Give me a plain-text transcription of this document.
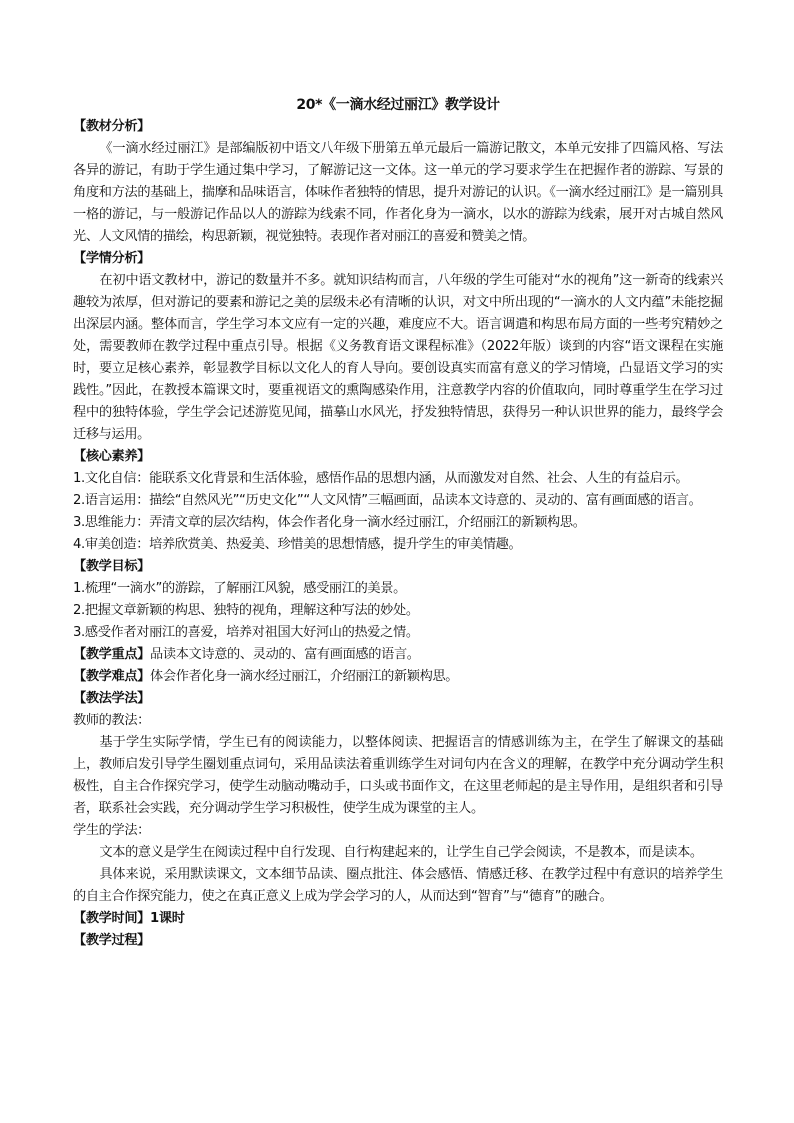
20*《一滴水经过丽江》教学设计
【教材分析】

《一滴水经过丽江》是部编版初中语文八年级下册第五单元最后一篇游记散文，本单元安排了四篇风格、写法各异的游记，有助于学生通过集中学习，了解游记这一文体。这一单元的学习要求学生在把握作者的游踪、写景的角度和方法的基础上，揣摩和品味语言，体味作者独特的情思，提升对游记的认识。《一滴水经过丽江》是一篇别具一格的游记，与一般游记作品以人的游踪为线索不同，作者化身为一滴水，以水的游踪为线索，展开对古城自然风光、人文风情的描绘，构思新颖，视觉独特。表现作者对丽江的喜爱和赞美之情。

【学情分析】

在初中语文教材中，游记的数量并不多。就知识结构而言，八年级的学生可能对“水的视角”这一新奇的线索兴趣较为浓厚，但对游记的要素和游记之美的层级未必有清晰的认识，对文中所出现的“一滴水的人文内蕴”未能挖掘出深层内涵。整体而言，学生学习本文应有一定的兴趣，难度应不大。语言调遣和构思布局方面的一些考究精妙之处，需要教师在教学过程中重点引导。根据《义务教育语文课程标准》（2022年版）谈到的内容“语文课程在实施时，要立足核心素养，彰显教学目标以文化人的育人导向。要创设真实而富有意义的学习情境，凸显语文学习的实践性。”因此，在教授本篇课文时，要重视语文的熏陶感染作用，注意教学内容的价值取向，同时尊重学生在学习过程中的独特体验，学生学会记述游览见闻，描摹山水风光，抒发独特情思，获得另一种认识世界的能力，最终学会迁移与运用。

【核心素养】

1.文化自信：能联系文化背景和生活体验，感悟作品的思想内涵，从而激发对自然、社会、人生的有益启示。

2.语言运用：描绘“自然风光”“历史文化”“人文风情”三幅画面，品读本文诗意的、灵动的、富有画面感的语言。

3.思维能力：弄清文章的层次结构，体会作者化身一滴水经过丽江，介绍丽江的新颖构思。

4.审美创造：培养欣赏美、热爱美、珍惜美的思想情感，提升学生的审美情趣。

【教学目标】

1.梳理“一滴水”的游踪，了解丽江风貌，感受丽江的美景。

2.把握文章新颖的构思、独特的视角，理解这种写法的妙处。

3.感受作者对丽江的喜爱，培养对祖国大好河山的热爱之情。

【教学重点】品读本文诗意的、灵动的、富有画面感的语言。

【教学难点】体会作者化身一滴水经过丽江，介绍丽江的新颖构思。

【教法学法】

教师的教法：

基于学生实际学情，学生已有的阅读能力，以整体阅读、把握语言的情感训练为主，在学生了解课文的基础上，教师启发引导学生圈划重点词句，采用品读法着重训练学生对词句内在含义的理解，在教学中充分调动学生积极性，自主合作探究学习，使学生动脑动嘴动手，口头或书面作文，在这里老师起的是主导作用，是组织者和引导者，联系社会实践，充分调动学生学习积极性，使学生成为课堂的主人。

学生的学法：

文本的意义是学生在阅读过程中自行发现、自行构建起来的，让学生自己学会阅读，不是教本，而是读本。

具体来说，采用默读课文，文本细节品读、圈点批注、体会感悟、情感迁移、在教学过程中有意识的培养学生的自主合作探究能力，使之在真正意义上成为学会学习的人，从而达到“智育”与“德育”的融合。

【教学时间】1课时
【教学过程】
